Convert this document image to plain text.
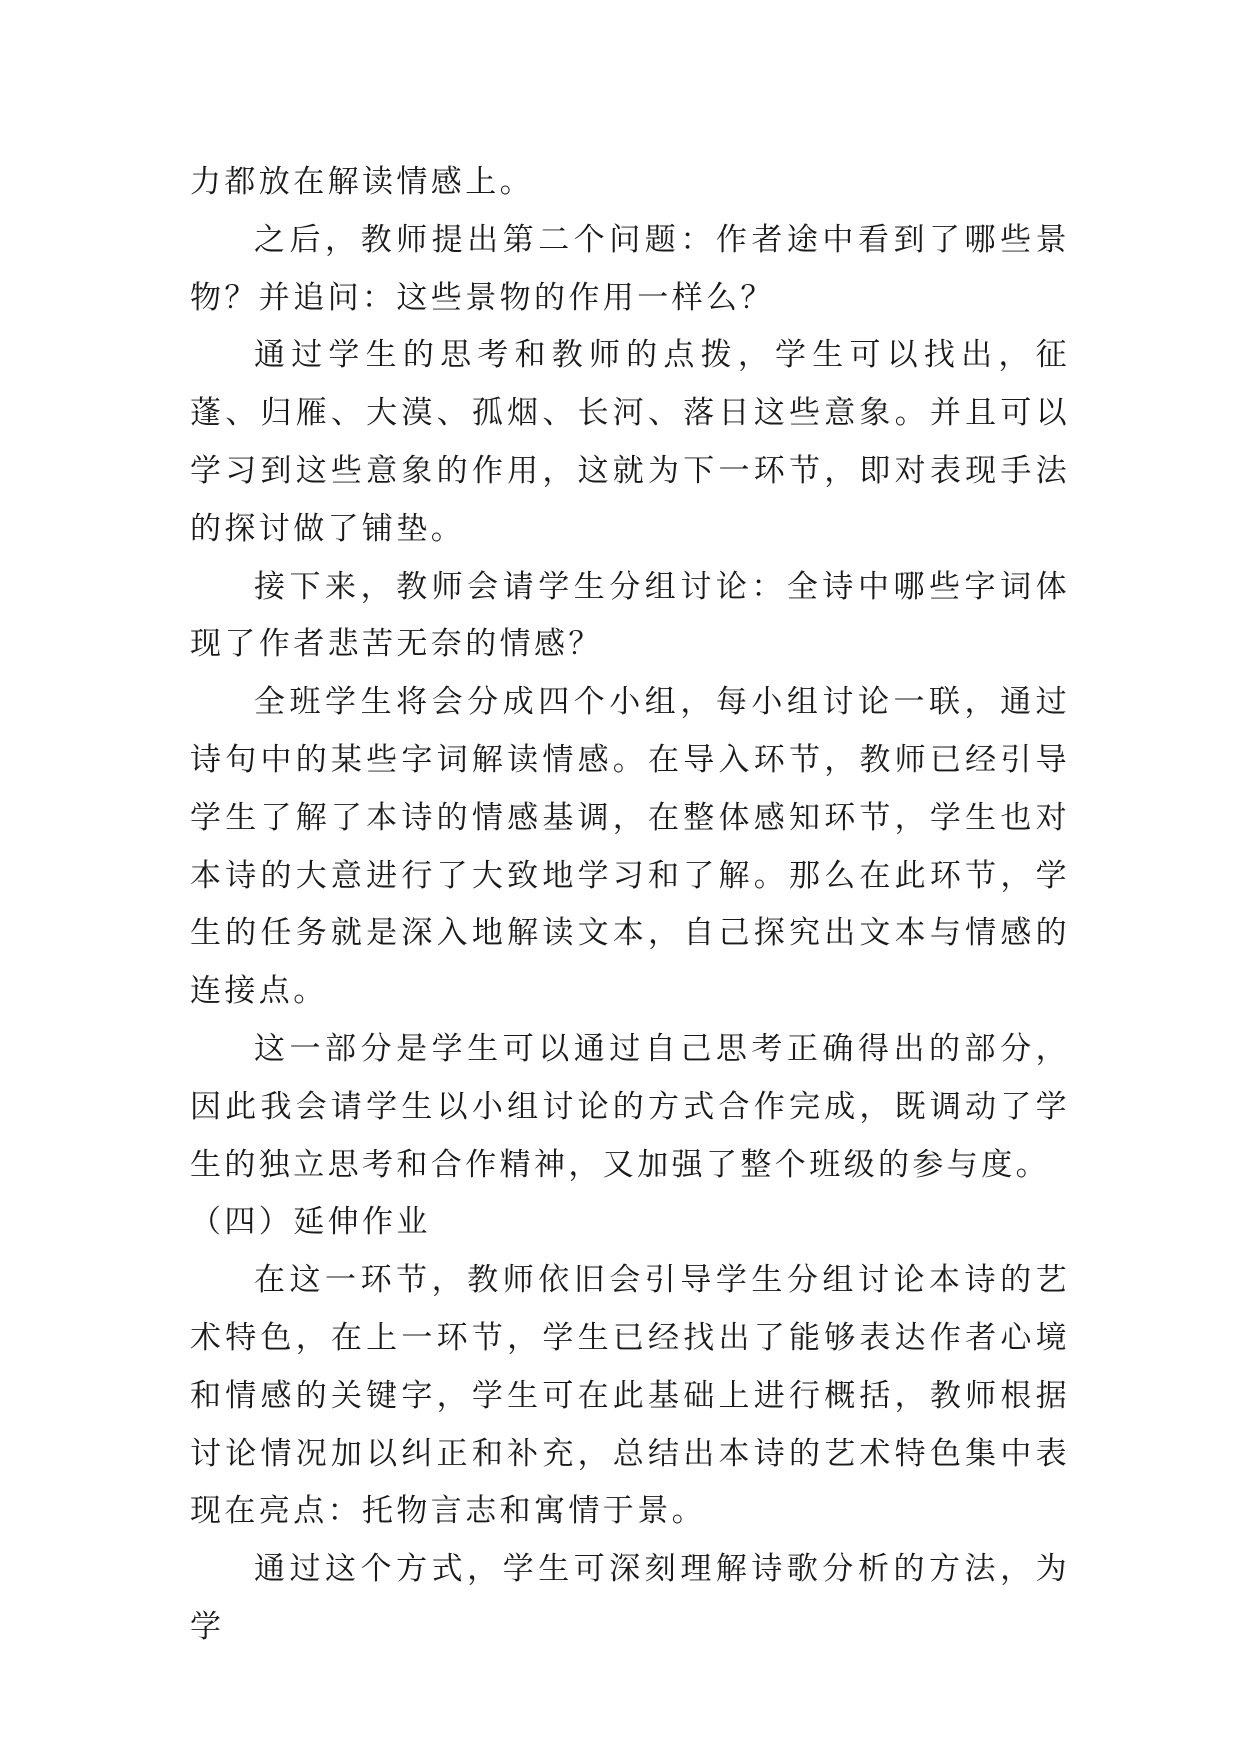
力都放在解读情感上。

之后，教师提出第二个问题：作者途中看到了哪些景物？并追问：这些景物的作用一样么？

通过学生的思考和教师的点拨，学生可以找出，征蓬、归雁、大漠、孤烟、长河、落日这些意象。并且可以学习到这些意象的作用，这就为下一环节，即对表现手法的探讨做了铺垫。

接下来，教师会请学生分组讨论：全诗中哪些字词体现了作者悲苦无奈的情感？

全班学生将会分成四个小组，每小组讨论一联，通过诗句中的某些字词解读情感。在导入环节，教师已经引导学生了解了本诗的情感基调，在整体感知环节，学生也对本诗的大意进行了大致地学习和了解。那么在此环节，学生的任务就是深入地解读文本，自己探究出文本与情感的连接点。

这一部分是学生可以通过自己思考正确得出的部分，因此我会请学生以小组讨论的方式合作完成，既调动了学生的独立思考和合作精神，又加强了整个班级的参与度。

（四）延伸作业

在这一环节，教师依旧会引导学生分组讨论本诗的艺术特色，在上一环节，学生已经找出了能够表达作者心境和情感的关键字，学生可在此基础上进行概括，教师根据讨论情况加以纠正和补充，总结出本诗的艺术特色集中表现在亮点：托物言志和寓情于景。

通过这个方式，学生可深刻理解诗歌分析的方法，为学
